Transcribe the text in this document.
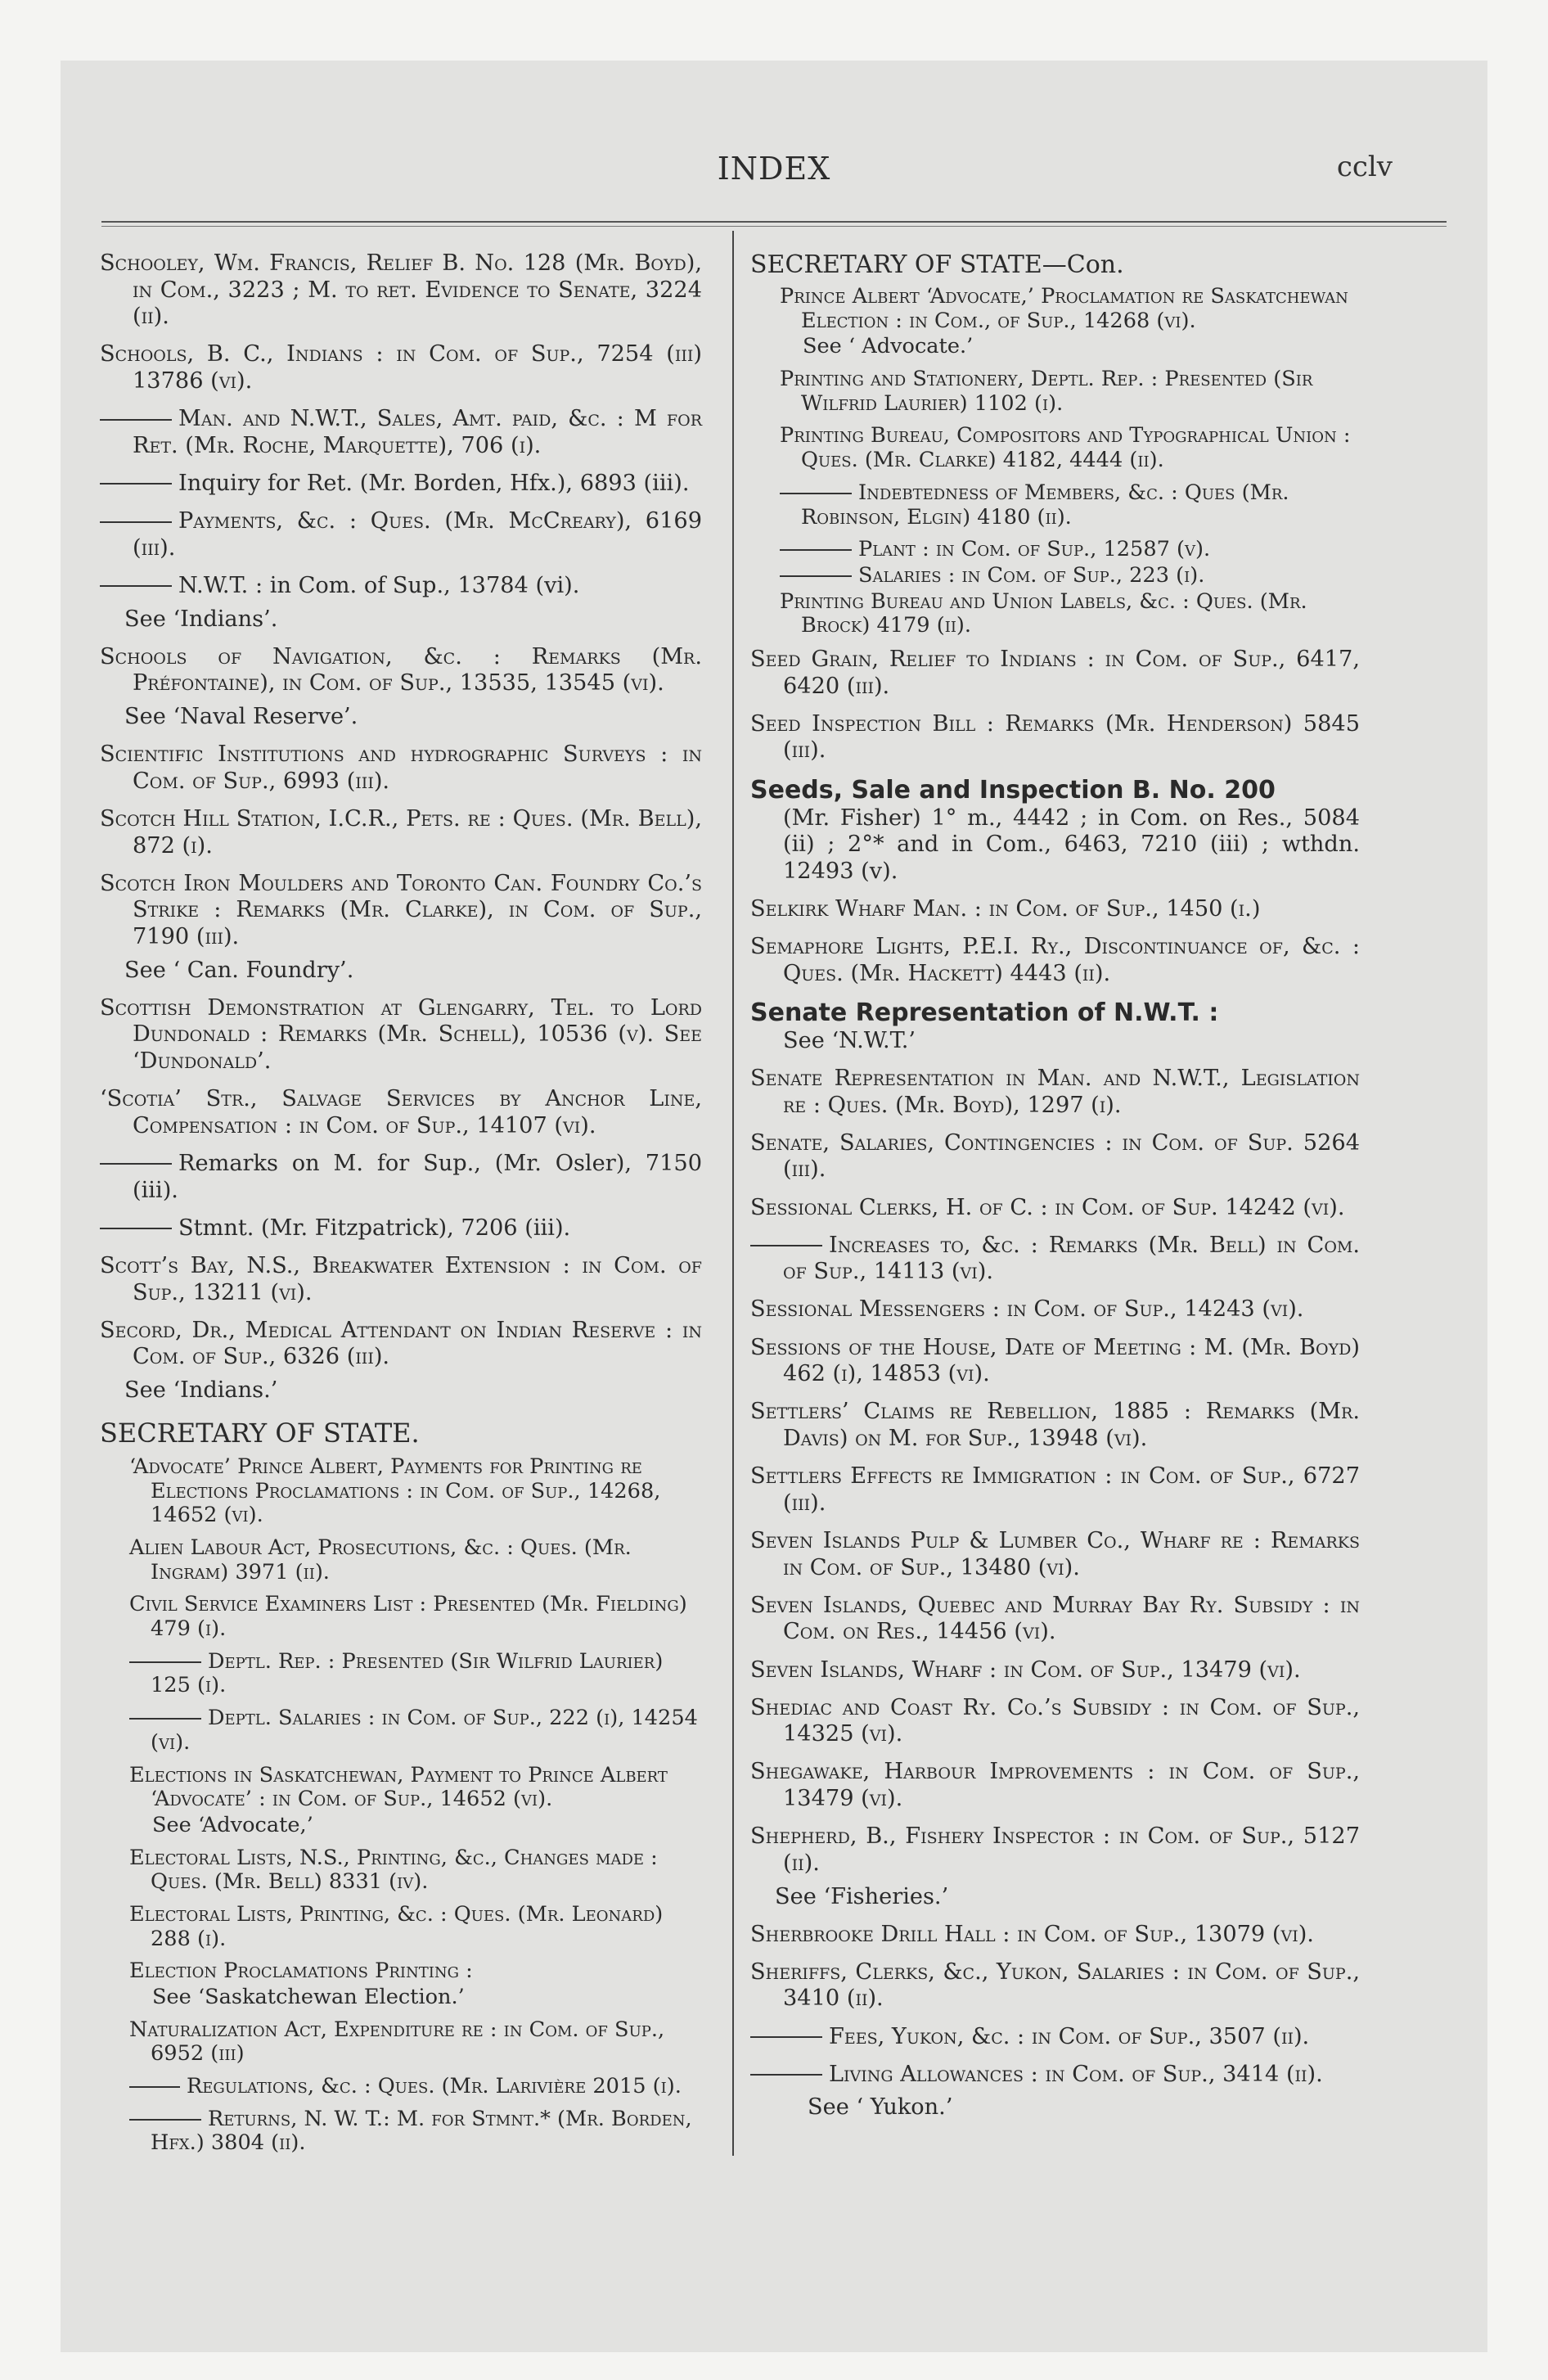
INDEX	cclv

Schooley, Wm. Francis, Relief B. No. 128 (Mr. Boyd), in Com., 3223 ; M. to ret. Evidence to Senate, 3224 (ii).

Schools, B. C., Indians : in Com. of Sup., 7254 (iii) 13786 (vi).

Man. and N.W.T., Sales, Amt. paid, &c. : M for Ret. (Mr. Roche, Marquette), 706 (i).

Inquiry for Ret. (Mr. Borden, Hfx.), 6893 (iii).

Payments, &c. : Ques. (Mr. McCreary), 6169 (iii).

N.W.T. : in Com. of Sup., 13784 (vi).

See ‘Indians’.

Schools of Navigation, &c. : Remarks (Mr. Préfontaine), in Com. of Sup., 13535, 13545 (vi).

See ‘Naval Reserve’.

Scientific Institutions and hydrographic Surveys : in Com. of Sup., 6993 (iii).

Scotch Hill Station, I.C.R., Pets. re : Ques. (Mr. Bell), 872 (i).

Scotch Iron Moulders and Toronto Can. Foundry Co.’s Strike : Remarks (Mr. Clarke), in Com. of Sup., 7190 (iii).

See ‘ Can. Foundry’.

Scottish Demonstration at Glengarry, Tel. to Lord Dundonald : Remarks (Mr. Schell), 10536 (v). See ‘Dundonald’.

‘Scotia’ Str., Salvage Services by Anchor Line, Compensation : in Com. of Sup., 14107 (vi).

Remarks on M. for Sup., (Mr. Osler), 7150 (iii).

Stmnt. (Mr. Fitzpatrick), 7206 (iii).

Scott’s Bay, N.S., Breakwater Extension : in Com. of Sup., 13211 (vi).

Secord, Dr., Medical Attendant on Indian Reserve : in Com. of Sup., 6326 (iii).

See ‘Indians.’

SECRETARY OF STATE.

‘Advocate’ Prince Albert, Payments for Printing re Elections Proclamations : in Com. of Sup., 14268, 14652 (vi).

Alien Labour Act, Prosecutions, &c. : Ques. (Mr. Ingram) 3971 (ii).

Civil Service Examiners List : Presented (Mr. Fielding) 479 (i).

Deptl. Rep. : Presented (Sir Wilfrid Laurier) 125 (i).

Deptl. Salaries : in Com. of Sup., 222 (i), 14254 (vi).

Elections in Saskatchewan, Payment to Prince Albert ‘Advocate’ : in Com. of Sup., 14652 (vi).

See ‘Advocate,’

Electoral Lists, N.S., Printing, &c., Changes made : Ques. (Mr. Bell) 8331 (iv).

Electoral Lists, Printing, &c. : Ques. (Mr. Leonard) 288 (i).

Election Proclamations Printing :

See ‘Saskatchewan Election.’

Naturalization Act, Expenditure re : in Com. of Sup., 6952 (iii)

Regulations, &c. : Ques. (Mr. Larivière 2015 (i).

Returns, N. W. T.: M. for Stmnt.* (Mr. Borden, Hfx.) 3804 (ii).

SECRETARY OF STATE—Con.

Prince Albert ‘Advocate,’ Proclamation re Saskatchewan Election : in Com., of Sup., 14268 (vi).

See ‘ Advocate.’

Printing and Stationery, Deptl. Rep. : Presented (Sir Wilfrid Laurier) 1102 (i).

Printing Bureau, Compositors and Typographical Union : Ques. (Mr. Clarke) 4182, 4444 (ii).

Indebtedness of Members, &c. : Ques (Mr. Robinson, Elgin) 4180 (ii).

Plant : in Com. of Sup., 12587 (v).

Salaries : in Com. of Sup., 223 (i).

Printing Bureau and Union Labels, &c. : Ques. (Mr. Brock) 4179 (ii).

Seed Grain, Relief to Indians : in Com. of Sup., 6417, 6420 (iii).

Seed Inspection Bill : Remarks (Mr. Henderson) 5845 (iii).

Seeds, Sale and Inspection B. No. 200

(Mr. Fisher) 1° m., 4442 ; in Com. on Res., 5084 (ii) ; 2°* and in Com., 6463, 7210 (iii) ; wthdn. 12493 (v).

Selkirk Wharf Man. : in Com. of Sup., 1450 (i.)

Semaphore Lights, P.E.I. Ry., Discontinuance of, &c. : Ques. (Mr. Hackett) 4443 (ii).

Senate Representation of N.W.T. :

See ‘N.W.T.’

Senate Representation in Man. and N.W.T., Legislation re : Ques. (Mr. Boyd), 1297 (i).

Senate, Salaries, Contingencies : in Com. of Sup. 5264 (iii).

Sessional Clerks, H. of C. : in Com. of Sup. 14242 (vi).

Increases to, &c. : Remarks (Mr. Bell) in Com. of Sup., 14113 (vi).

Sessional Messengers : in Com. of Sup., 14243 (vi).

Sessions of the House, Date of Meeting : M. (Mr. Boyd) 462 (i), 14853 (vi).

Settlers’ Claims re Rebellion, 1885 : Remarks (Mr. Davis) on M. for Sup., 13948 (vi).

Settlers Effects re Immigration : in Com. of Sup., 6727 (iii).

Seven Islands Pulp & Lumber Co., Wharf re : Remarks in Com. of Sup., 13480 (vi).

Seven Islands, Quebec and Murray Bay Ry. Subsidy : in Com. on Res., 14456 (vi).

Seven Islands, Wharf : in Com. of Sup., 13479 (vi).

Shediac and Coast Ry. Co.’s Subsidy : in Com. of Sup., 14325 (vi).

Shegawake, Harbour Improvements : in Com. of Sup., 13479 (vi).

Shepherd, B., Fishery Inspector : in Com. of Sup., 5127 (ii).

See ‘Fisheries.’

Sherbrooke Drill Hall : in Com. of Sup., 13079 (vi).

Sheriffs, Clerks, &c., Yukon, Salaries : in Com. of Sup., 3410 (ii).

Fees, Yukon, &c. : in Com. of Sup., 3507 (ii).

Living Allowances : in Com. of Sup., 3414 (ii).

See ‘ Yukon.’
